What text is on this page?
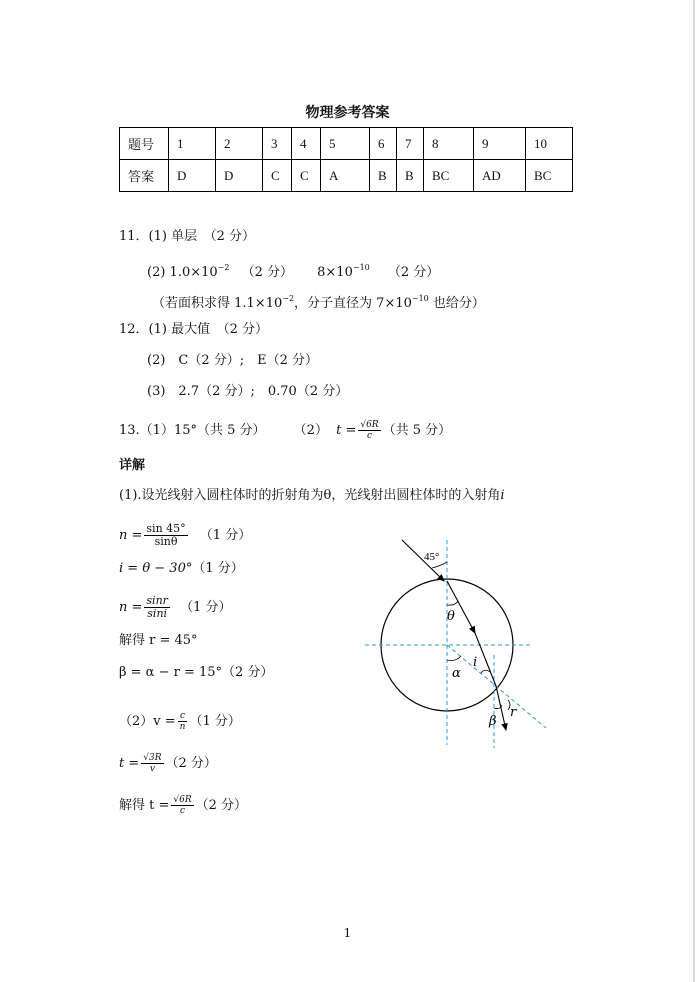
物理参考答案
题号	1	2	3	4	5	6	7	8	9	10
答案	D	D	C	C	A	B	B	BC	AD	BC
11．(1) 单层　（2 分）
(2) $1.0\times 10^{-2}$ （2 分） $8\times 10^{-10}$ （2 分）
（若面积求得 $1.1\times 10^{-2}$，分子直径为 $7\times 10^{-10}$ 也给分）
12．(1) 最大值　（2 分）
(2)　C（2 分）;　E（2 分）
(3)　2.7（2 分）;　0.70（2 分）
13.（1）15°（共 5 分） （2） $t = \frac{√6R}{c}$ （共 5 分）
详解
(1).设光线射入圆柱体时的折射角为θ，光线射出圆柱体时的入射角i
$n = \frac{\sin 45^\circ}{\sin\theta} (1$ 分）
i = θ − 30°（1 分）
$n = \frac{\sin r}{\sin i} (1$ 分）
解得 r = 45°
β = α − r = 15°（2 分）
$(2)v = \frac{c}{n} (1$ 分）
$t = \frac{√3R}{v} (2$ 分）
解得 $t = \frac{√6R}{c} (2$ 分）
45°
θ
i
α
β
r
1
